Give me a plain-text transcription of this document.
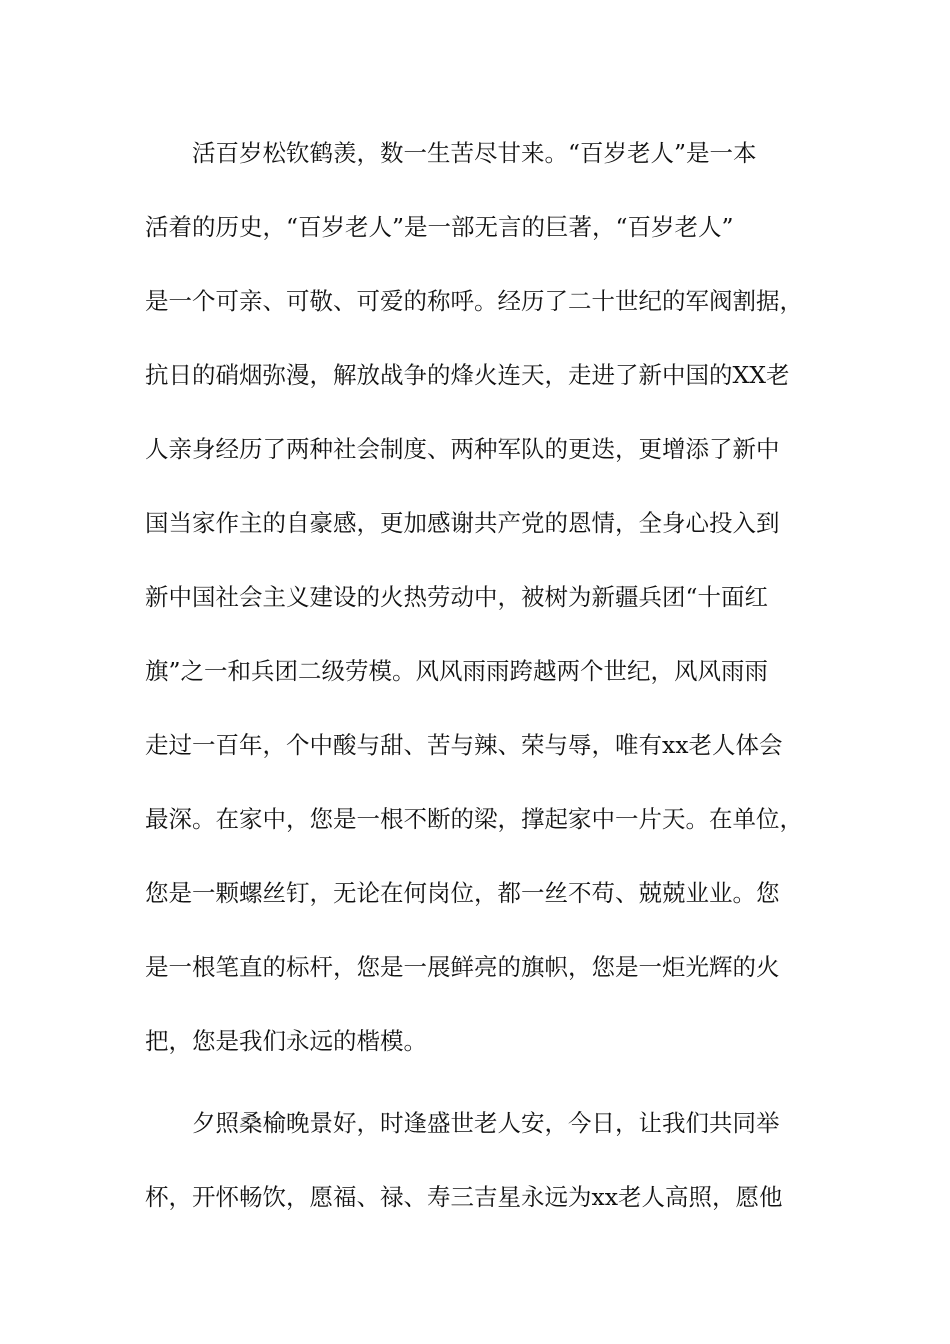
活百岁松钦鹤羡，数一生苦尽甘来。“百岁老人”是一本
活着的历史，“百岁老人”是一部无言的巨著，“百岁老人”
是一个可亲、可敬、可爱的称呼。经历了二十世纪的军阀割据，
抗日的硝烟弥漫，解放战争的烽火连天，走进了新中国的XX老
人亲身经历了两种社会制度、两种军队的更迭，更增添了新中
国当家作主的自豪感，更加感谢共产党的恩情，全身心投入到
新中国社会主义建设的火热劳动中，被树为新疆兵团“十面红
旗”之一和兵团二级劳模。风风雨雨跨越两个世纪，风风雨雨
走过一百年，个中酸与甜、苦与辣、荣与辱，唯有xx老人体会
最深。在家中，您是一根不断的梁，撑起家中一片天。在单位，
您是一颗螺丝钉，无论在何岗位，都一丝不苟、兢兢业业。您
是一根笔直的标杆，您是一展鲜亮的旗帜，您是一炬光辉的火
把，您是我们永远的楷模。
夕照桑榆晚景好，时逢盛世老人安，今日，让我们共同举
杯，开怀畅饮，愿福、禄、寿三吉星永远为xx老人高照，愿他
